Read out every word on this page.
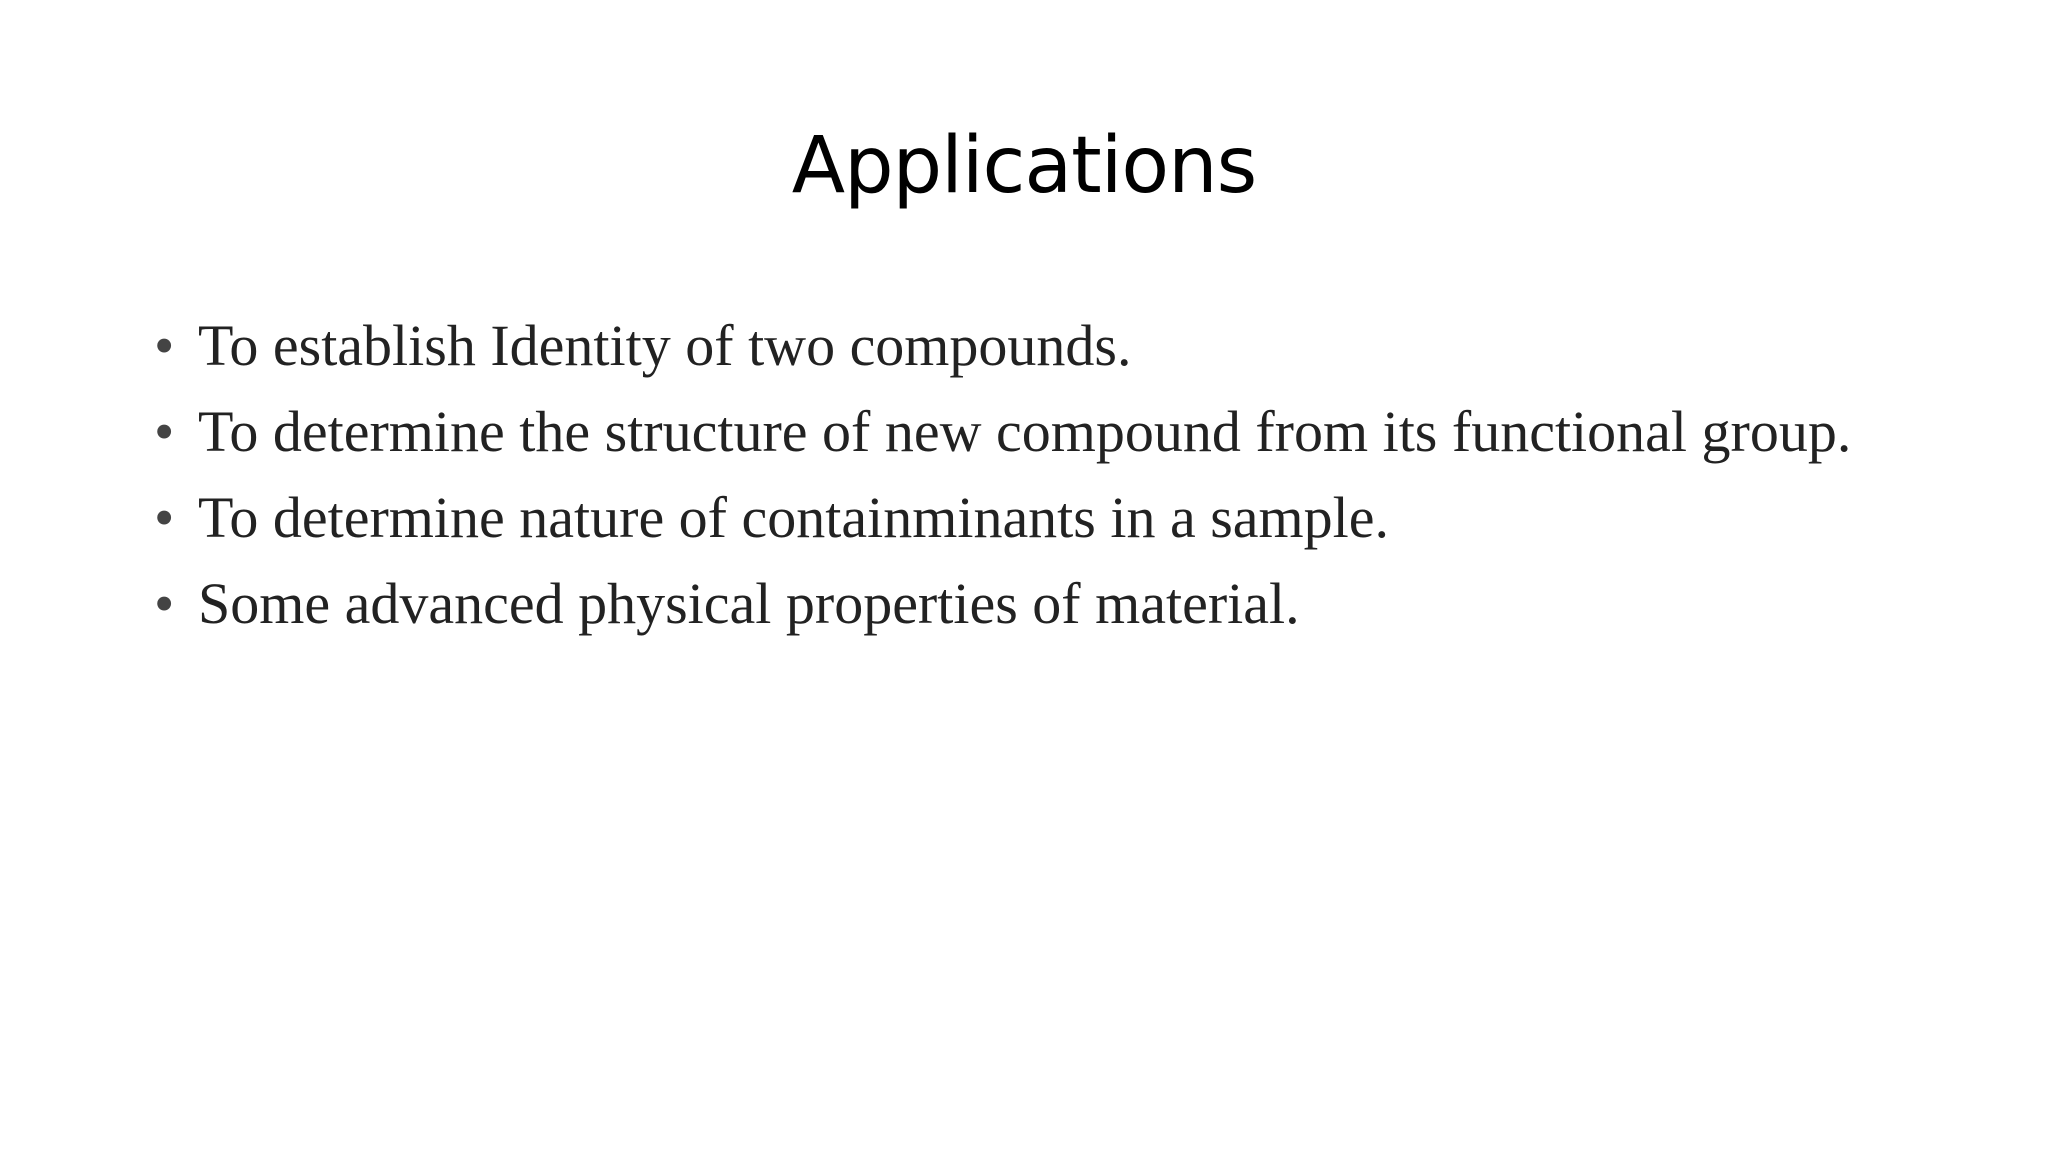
Applications
• To establish Identity of two compounds.
• To determine the structure of new compound from its functional group.
• To determine nature of containminants in a sample.
• Some advanced physical properties of material.
